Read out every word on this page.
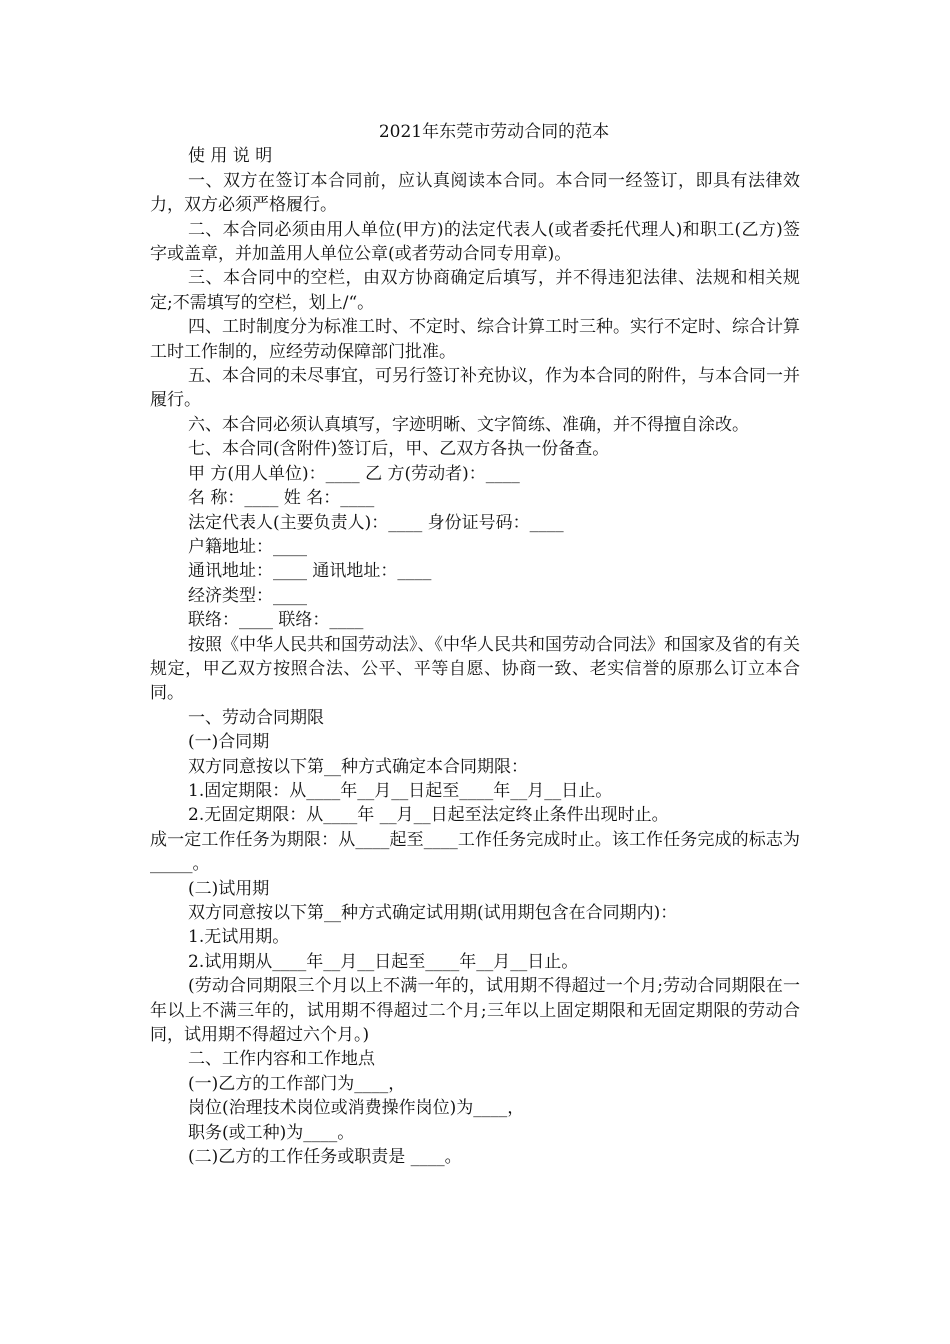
2021年东莞市劳动合同的范本

使 用 说 明

一、双方在签订本合同前，应认真阅读本合同。本合同一经签订，即具有法律效力，双方必须严格履行。

二、本合同必须由用人单位(甲方)的法定代表人(或者委托代理人)和职工(乙方)签字或盖章，并加盖用人单位公章(或者劳动合同专用章)。

三、本合同中的空栏，由双方协商确定后填写，并不得违犯法律、法规和相关规定;不需填写的空栏，划上/“。

四、工时制度分为标准工时、不定时、综合计算工时三种。实行不定时、综合计算工时工作制的，应经劳动保障部门批准。

五、本合同的未尽事宜，可另行签订补充协议，作为本合同的附件，与本合同一并履行。

六、本合同必须认真填写，字迹明晰、文字简练、准确，并不得擅自涂改。

七、本合同(含附件)签订后，甲、乙双方各执一份备查。

甲 方(用人单位)：____ 乙 方(劳动者)：____

名 称：____ 姓 名：____

法定代表人(主要负责人)：____ 身份证号码：____

户籍地址：____

通讯地址：____ 通讯地址：____

经济类型：____

联络：____ 联络：____

按照《中华人民共和国劳动法》、《中华人民共和国劳动合同法》和国家及省的有关规定，甲乙双方按照合法、公平、平等自愿、协商一致、老实信誉的原那么订立本合同。

一、劳动合同期限

(一)合同期

双方同意按以下第__种方式确定本合同期限：

1.固定期限：从____年__月__日起至____年__月__日止。

2.无固定期限：从____年 __月__日起至法定终止条件出现时止。

成一定工作任务为期限：从____起至____工作任务完成时止。该工作任务完成的标志为_____。

(二)试用期

双方同意按以下第__种方式确定试用期(试用期包含在合同期内)：

1.无试用期。

2.试用期从____年__月__日起至____年__月__日止。

(劳动合同期限三个月以上不满一年的，试用期不得超过一个月;劳动合同期限在一年以上不满三年的，试用期不得超过二个月;三年以上固定期限和无固定期限的劳动合同，试用期不得超过六个月。)

二、工作内容和工作地点

(一)乙方的工作部门为____，

岗位(治理技术岗位或消费操作岗位)为____，

职务(或工种)为____。

(二)乙方的工作任务或职责是 ____。
